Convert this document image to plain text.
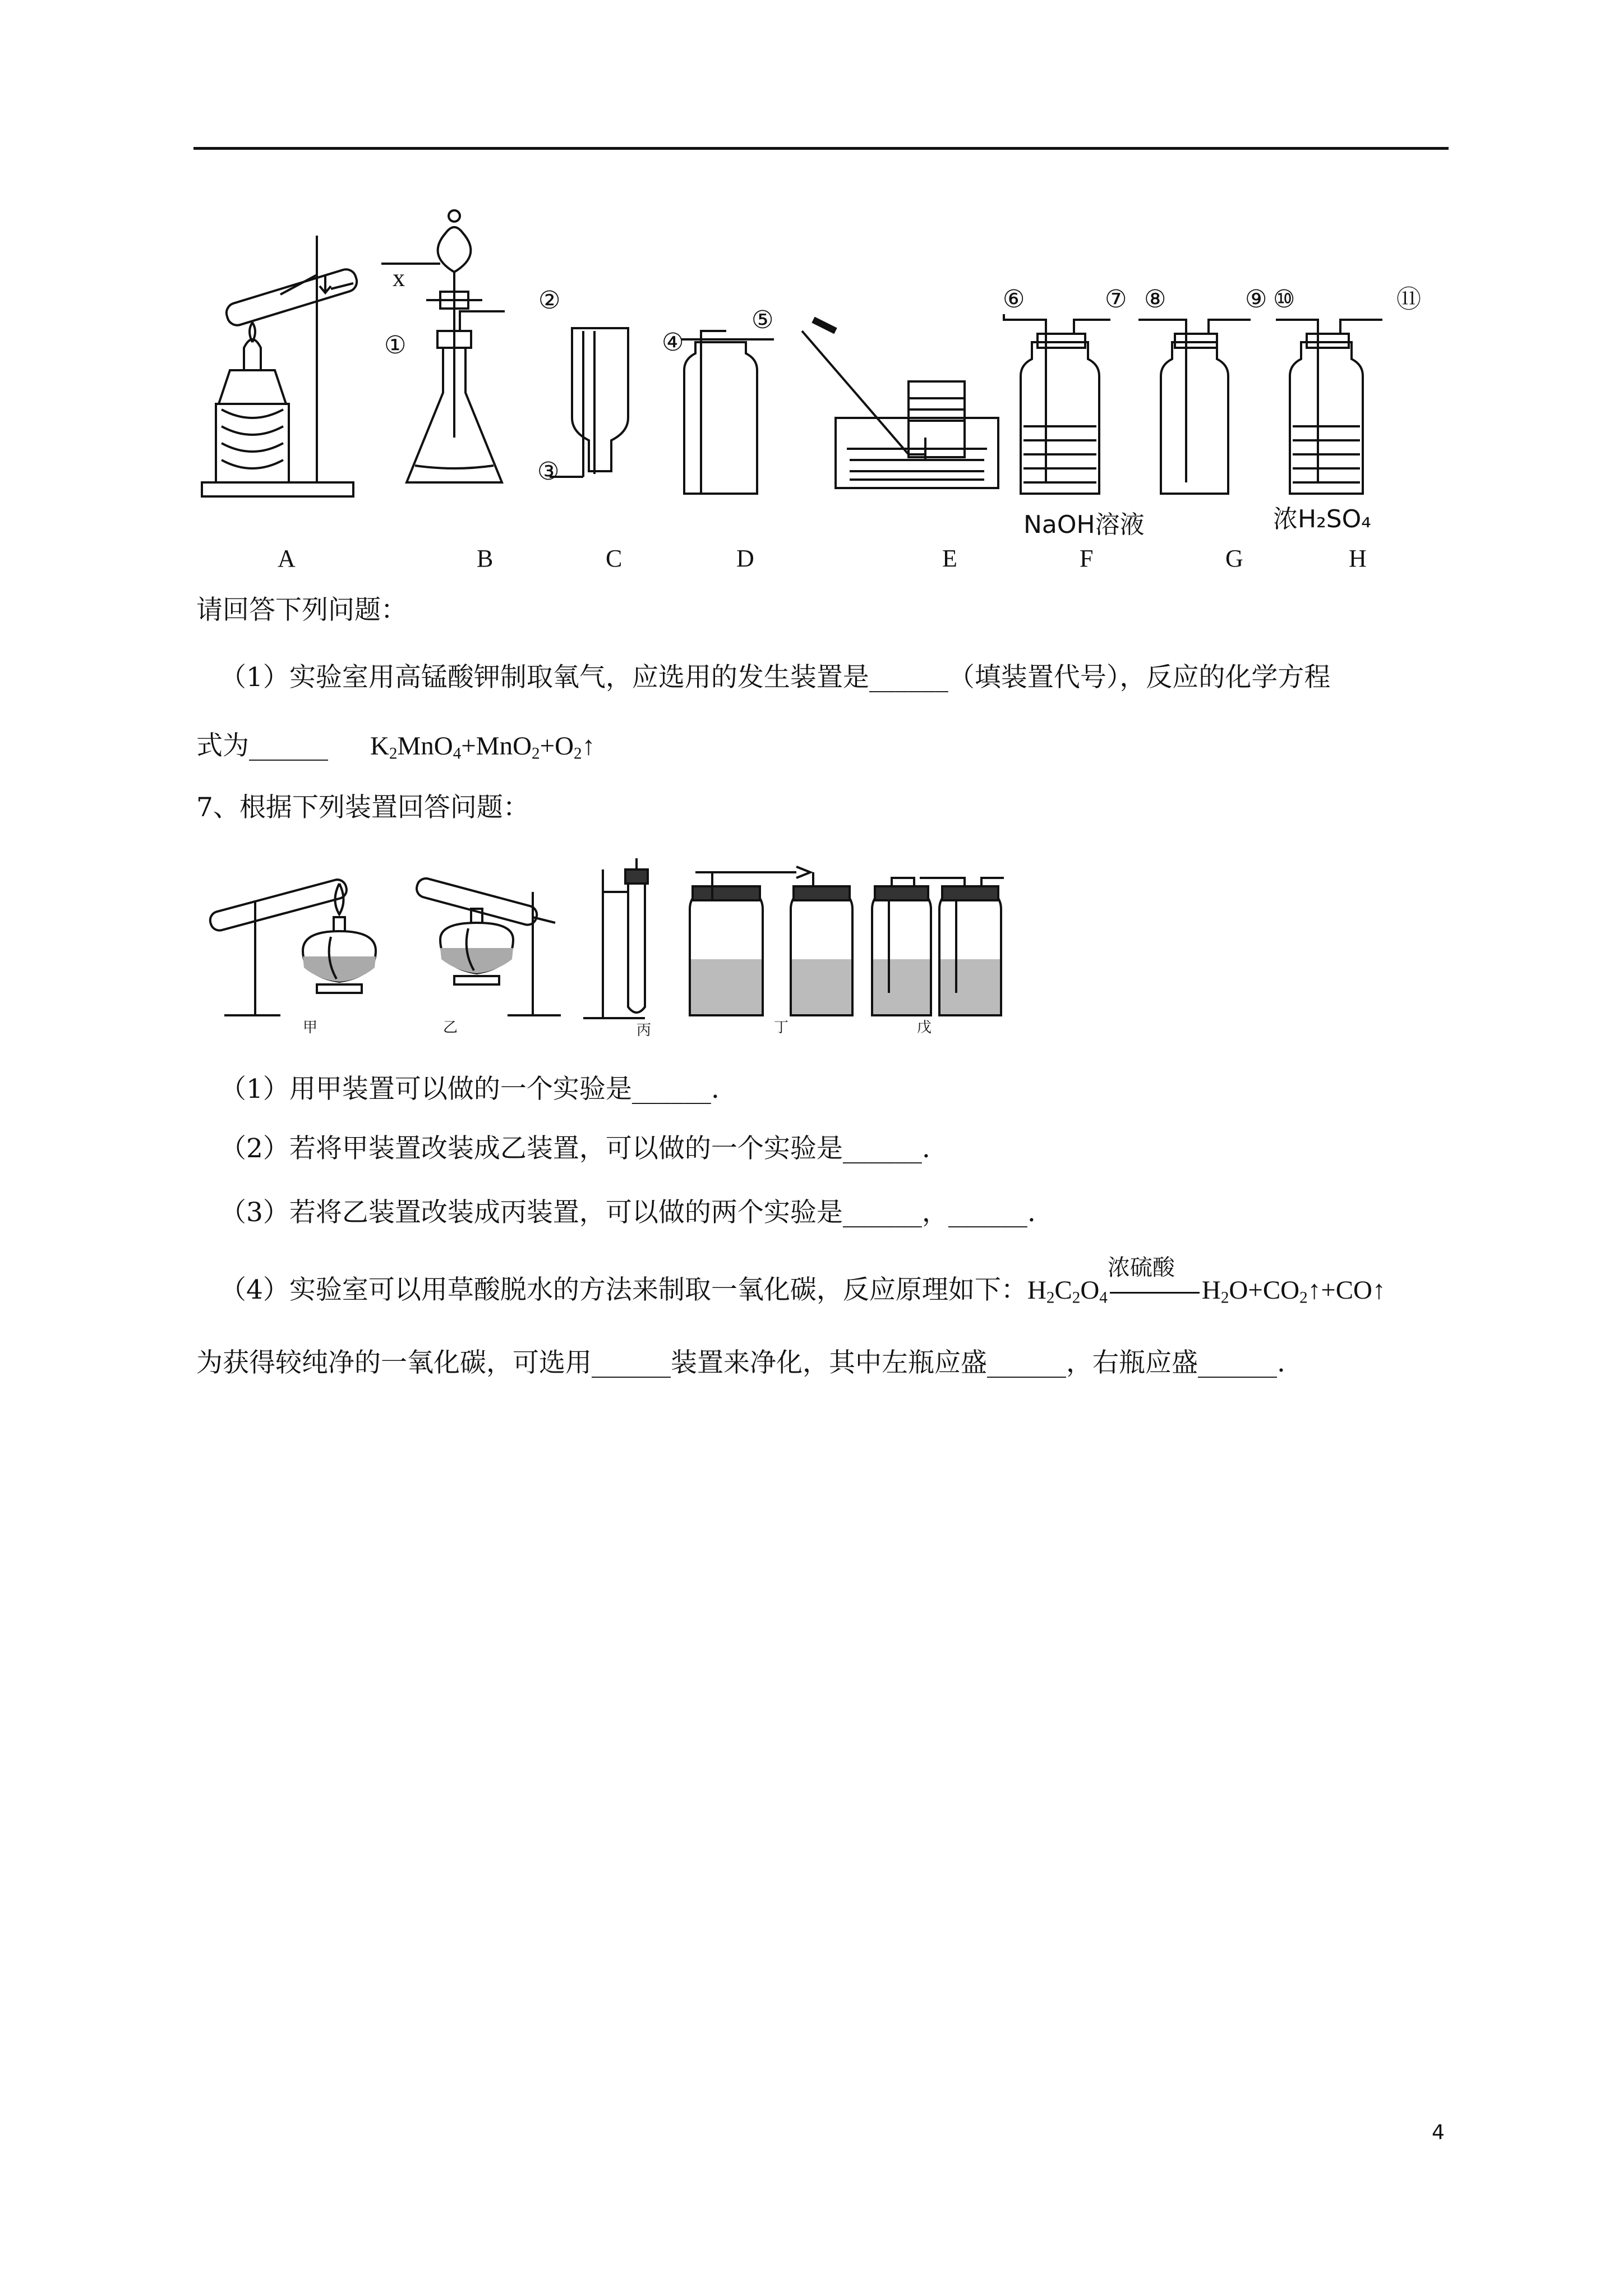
x
①
②
③
④
⑤
⑥	⑦ ⑧	⑨ ⑩	⑪
NaOH溶液	浓H₂SO₄
A	B	C	D	E	F	G	H
请回答下列问题：
（1）实验室用高锰酸钾制取氧气，应选用的发生装置是______（填装置代号），反应的化学方程
式为______ $K_2MnO_4+MnO_2+O_2↑$
7、根据下列装置回答问题：
甲	乙	丙	丁	戊
（1）用甲装置可以做的一个实验是______.
（2）若将甲装置改装成乙装置，可以做的一个实验是______.
（3）若将乙装置改装成丙装置，可以做的两个实验是______，______.
（4）实验室可以用草酸脱水的方法来制取一氧化碳，反应原理如下：$H_2C_2O_4$
浓硫酸
$H_2O+CO_2↑+CO↑$
为获得较纯净的一氧化碳，可选用______装置来净化，其中左瓶应盛______，右瓶应盛______.
4
